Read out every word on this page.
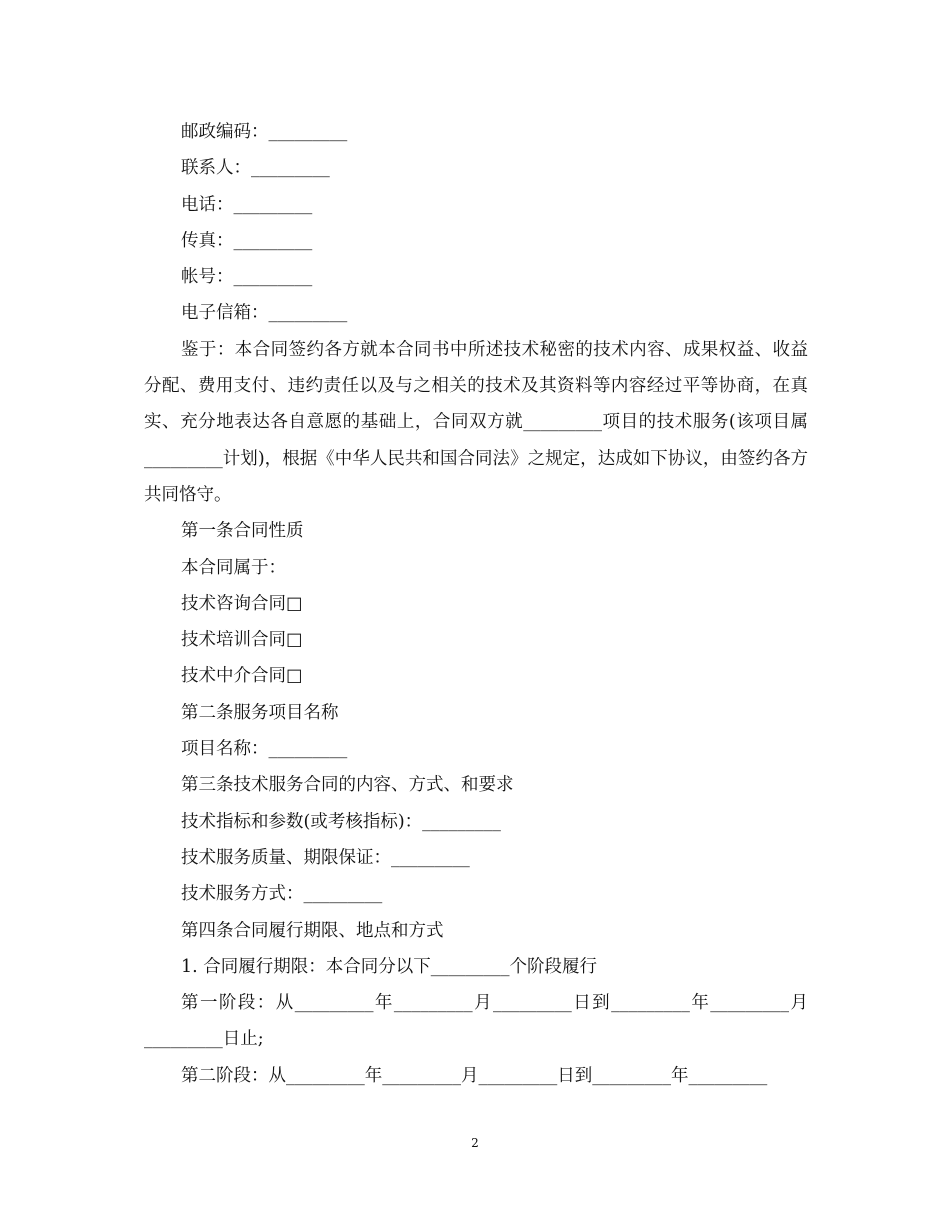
邮政编码：_________

联系人：_________

电话：_________

传真：_________

帐号：_________

电子信箱：_________

鉴于：本合同签约各方就本合同书中所述技术秘密的技术内容、成果权益、收益分配、费用支付、违约责任以及与之相关的技术及其资料等内容经过平等协商，在真实、充分地表达各自意愿的基础上，合同双方就_________项目的技术服务(该项目属_________计划)，根据《中华人民共和国合同法》之规定，达成如下协议，由签约各方共同恪守。

第一条合同性质

本合同属于：

技术咨询合同□

技术培训合同□

技术中介合同□

第二条服务项目名称

项目名称：_________

第三条技术服务合同的内容、方式、和要求

技术指标和参数(或考核指标)：_________

技术服务质量、期限保证：_________

技术服务方式：_________

第四条合同履行期限、地点和方式

1. 合同履行期限：本合同分以下_________个阶段履行

第一阶段：从_________年_________月_________日到_________年_________月_________日止;

第二阶段：从_________年_________月_________日到_________年_________

2
